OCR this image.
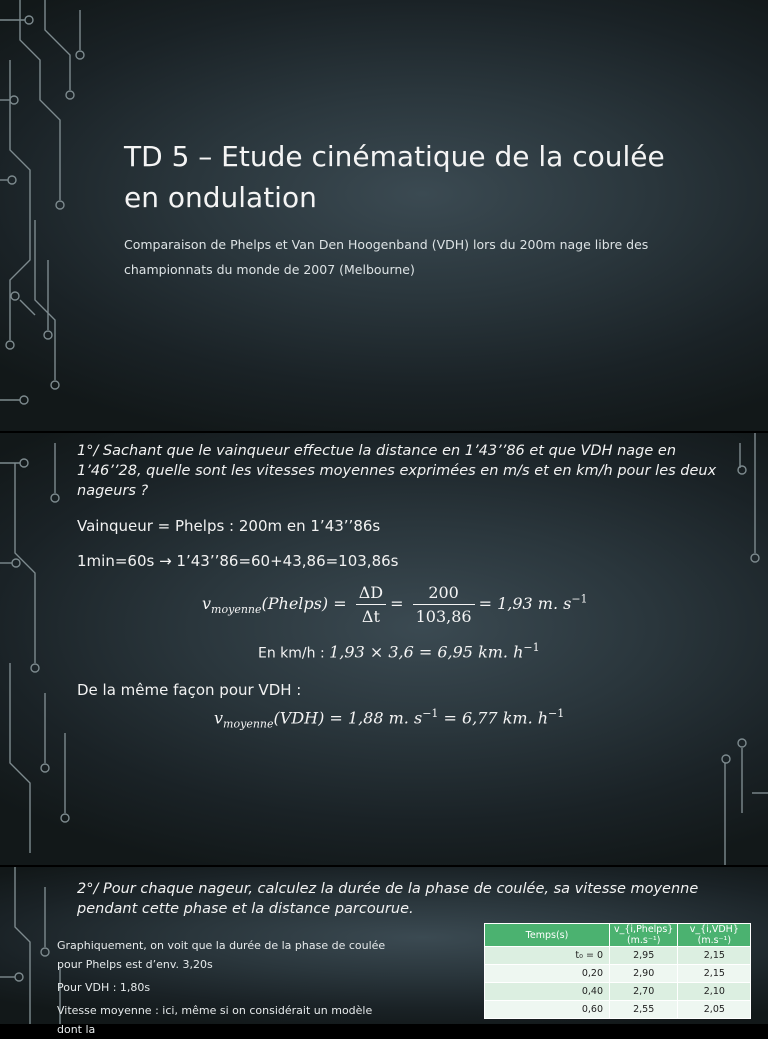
TD 5 – Etude cinématique de la coulée en ondulation
Comparaison de Phelps et Van Den Hoogenband (VDH) lors du 200m nage libre des championnats du monde de 2007 (Melbourne)
1°/ Sachant que le vainqueur effectue la distance en 1’43’’86 et que VDH nage en 1’46’’28, quelle sont les vitesses moyennes exprimées en m/s et en km/h pour les deux nageurs ?
Vainqueur = Phelps : 200m en 1’43’’86s
1min=60s → 1’43’’86=60+43,86=103,86s
$v_{moyenne}(Phelps) = \frac{\Delta D}{\Delta t} = \frac{200}{103,86} = 1,93$ m. $s^{-1}$
En km/h : 1,93 × 3,6 = 6,95 km. $h^{-1}$
De la même façon pour VDH :
$v_{moyenne}(VDH) = 1,88$ m. $s^{-1} = 6,77$ km. $h^{-1}$
2°/ Pour chaque nageur, calculez la durée de la phase de coulée, sa vitesse moyenne pendant cette phase et la distance parcourue.
Graphiquement, on voit que la durée de la phase de coulée pour Phelps est d’env. 3,20s
Pour VDH : 1,80s
Vitesse moyenne : ici, même si on considérait un modèle dont la
Temps(s)	v_{i,Phelps}(m.s⁻¹)	v_{i,VDH}(m.s⁻¹)
t₀ = 0	2,95	2,15
0,20	2,90	2,15
0,40	2,70	2,10
0,60	2,55	2,05
